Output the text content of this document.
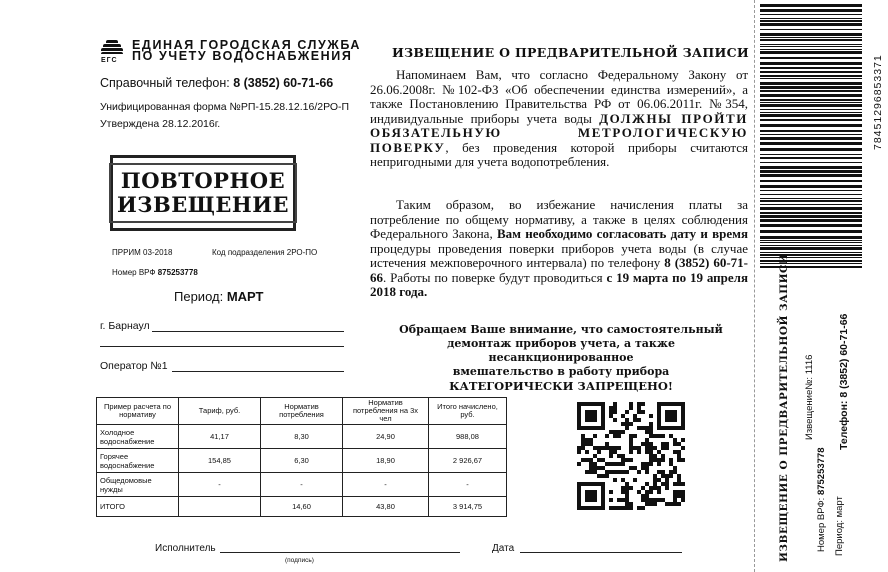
ЕГС
ЕДИНАЯ ГОРОДСКАЯ СЛУЖБА
ПО УЧЕТУ ВОДОСНАБЖЕНИЯ
Справочный телефон: 8 (3852) 60-71-66
Унифицированная форма №РП-15.28.12.16/2РО-П
Утверждена 28.12.2016г.
ПОВТОРНОЕ
ИЗВЕЩЕНИЕ
ПРРИМ 03-2018	Код подразделения 2РО-ПО
Номер ВРФ 875253778
Период: МАРТ
г. Барнаул
Оператор №1
Пример расчета по нормативу	Тариф, руб.	Норматив потребления	Норматив потребления на 3х чел	Итого начислено, руб.
Холодное водоснабжение	41,17	8,30	24,90	988,08
Горячее водоснабжение	154,85	6,30	18,90	2 926,67
Общедомовые нужды	-	-	-	-
ИТОГО		14,60	43,80	3 914,75
Исполнитель
(подпись)
Дата
ИЗВЕЩЕНИЕ О ПРЕДВАРИТЕЛЬНОЙ ЗАПИСИ

Напоминаем Вам, что согласно Федеральному Закону от 26.06.2008г. №102-ФЗ «Об обеспечении единства измерений», а также Постановлению Правительства РФ от 06.06.2011г. №354, индивидуальные приборы учета воды ДОЛЖНЫ ПРОЙТИ ОБЯЗАТЕЛЬНУЮ МЕТРОЛОГИЧЕСКУЮ ПОВЕРКУ, без проведения которой приборы считаются непригодными для учета водопотребления.

Таким образом, во избежание начисления платы за потребление по общему нормативу, а также в целях соблюдения Федерального Закона, Вам необходимо согласовать дату и время процедуры проведения поверки приборов учета воды (в случае истечения межповерочного интервала) по телефону 8 (3852) 60-71-66. Работы по поверке будут проводиться с 19 марта по 19 апреля 2018 года.

Обращаем Ваше внимание, что самостоятельный
демонтаж приборов учета, а также несанкционированное
вмешательство в работу прибора
КАТЕГОРИЧЕСКИ ЗАПРЕЩЕНО!
78451296853371
ИЗВЕЩЕНИЕ О ПРЕДВАРИТЕЛЬНОЙ ЗАПИСИ Извещение№: 1116
Номер ВРФ: 875253778
Телефон: 8 (3852) 60-71-66
Период: март
